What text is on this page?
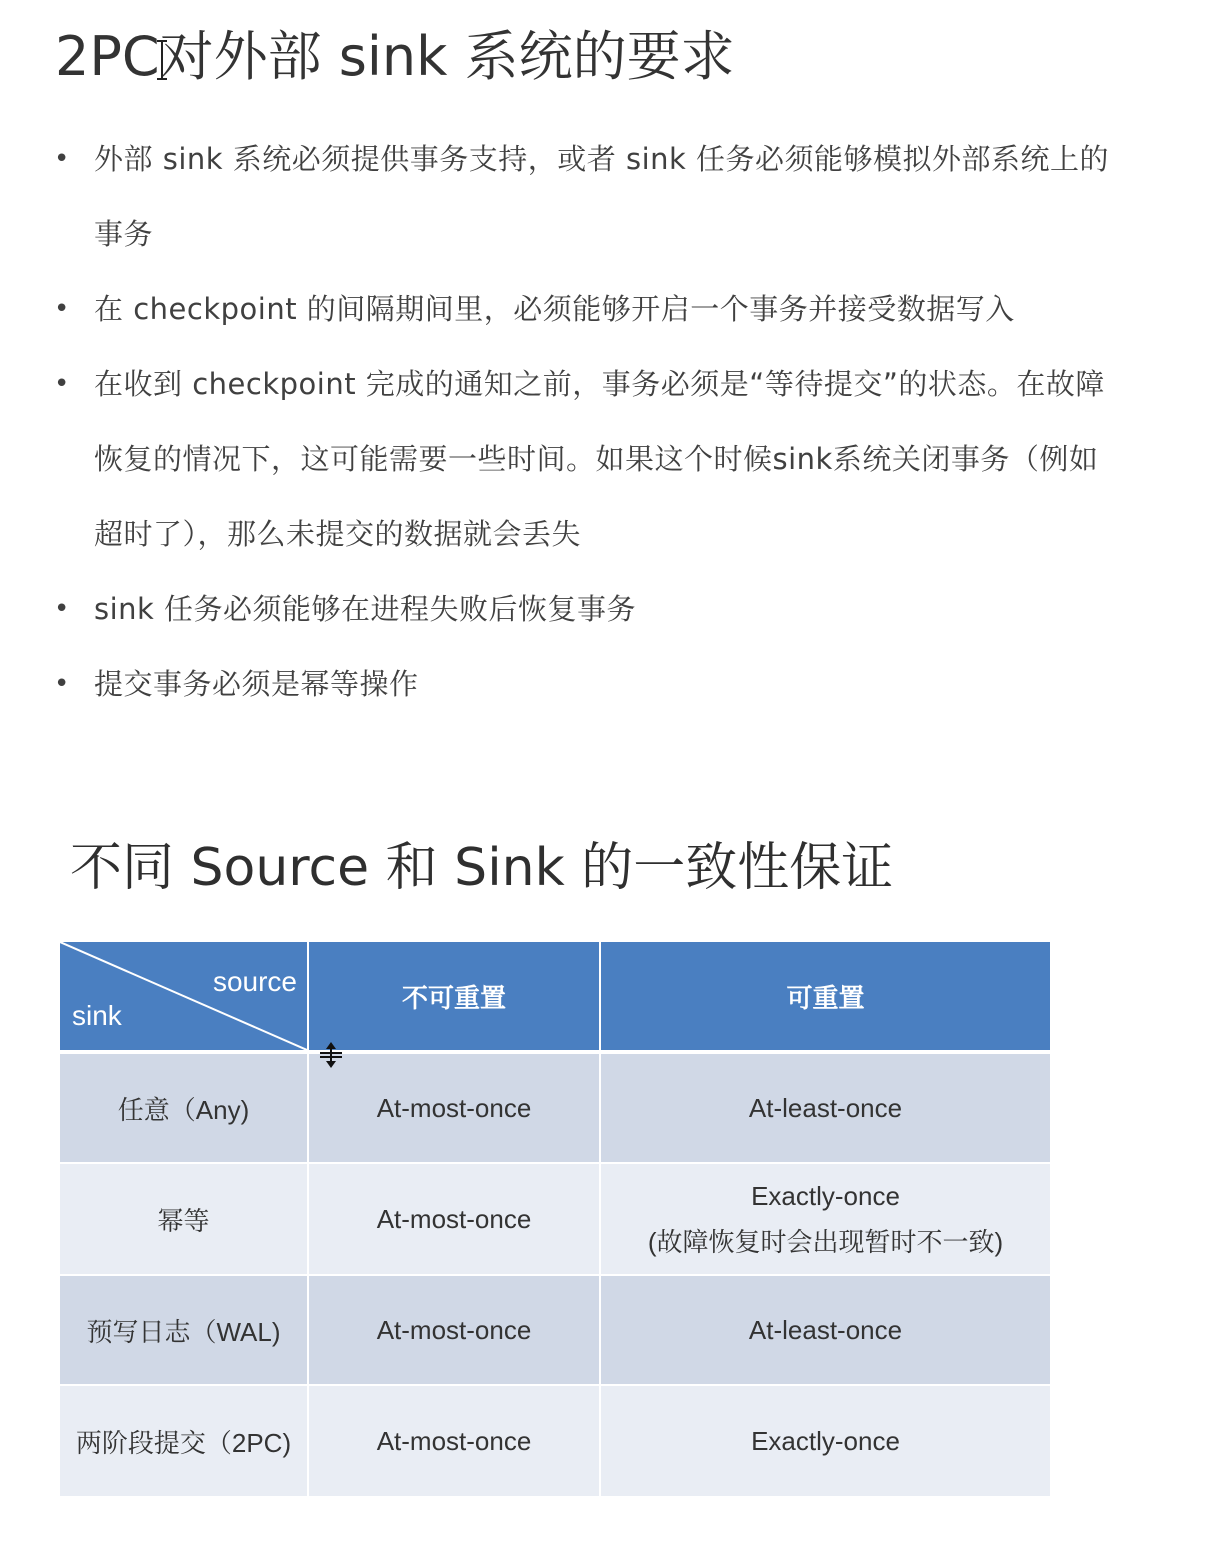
2PC对外部 sink 系统的要求
• 外部 sink 系统必须提供事务支持，或者 sink 任务必须能够模拟外部系统上的事务
• 在 checkpoint 的间隔期间里，必须能够开启一个事务并接受数据写入
• 在收到 checkpoint 完成的通知之前，事务必须是“等待提交”的状态。在故障恢复的情况下，这可能需要一些时间。如果这个时候sink系统关闭事务（例如超时了），那么未提交的数据就会丢失
• sink 任务必须能够在进程失败后恢复事务
• 提交事务必须是幂等操作
不同 Source 和 Sink 的一致性保证
source
sink	不可重置	可重置
任意（Any)	At-most-once	At-least-once

幂等	At-most-once	Exactly-once
(故障恢复时会出现暂时不一致)

预写日志（WAL)	At-most-once	At-least-once

两阶段提交（2PC)	At-most-once	Exactly-once
